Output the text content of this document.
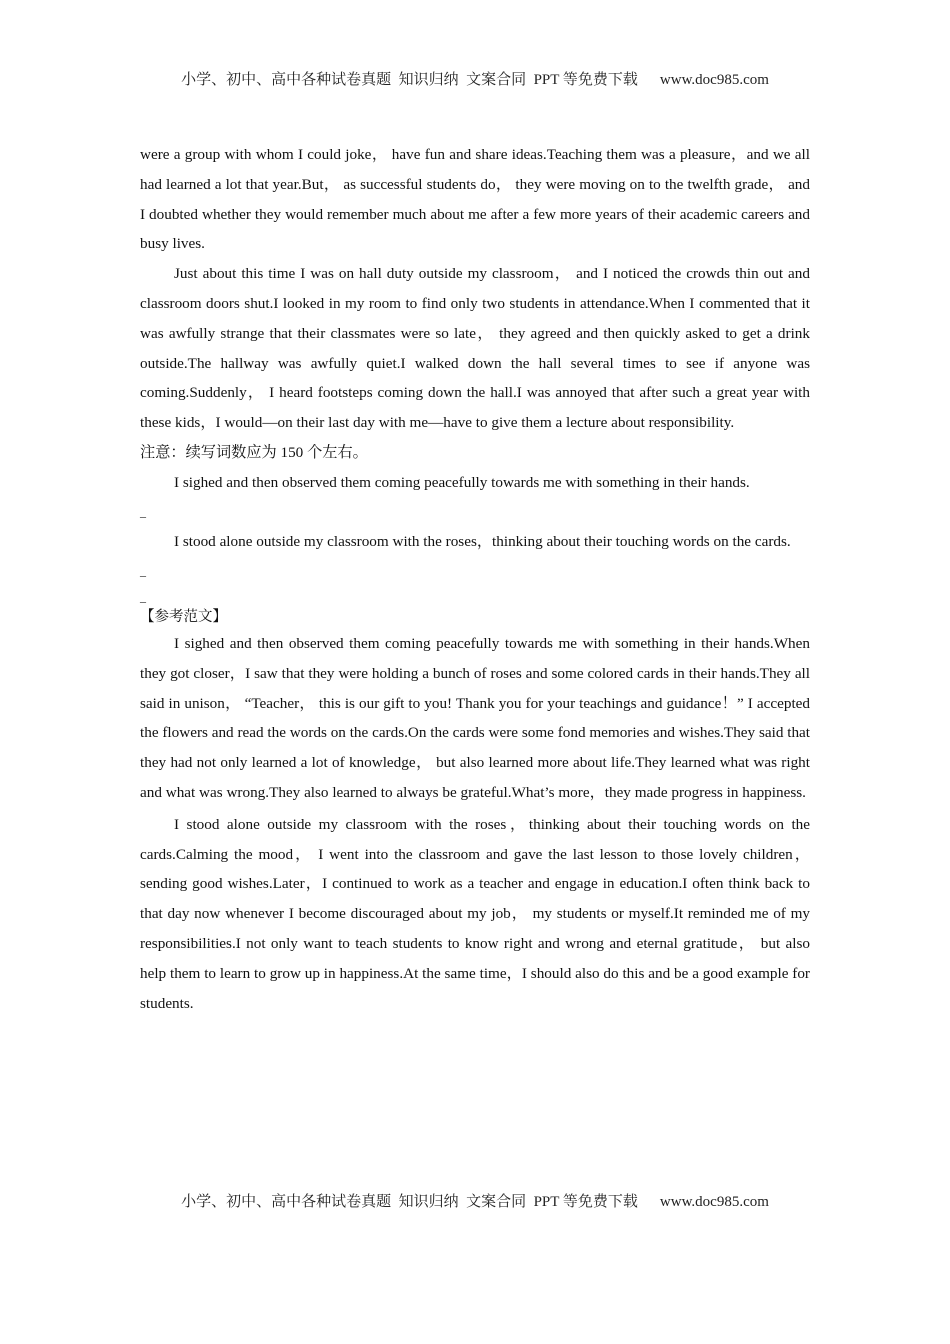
小学、初中、高中各种试卷真题  知识归纳  文案合同  PPT 等免费下载 www.doc985.com

were a group with whom I could joke， have fun and share ideas.Teaching them was a pleasure，and we all had learned a lot that year.But， as successful students do， they were moving on to the twelfth grade， and I doubted whether they would remember much about me after a few more years of their academic careers and busy lives.

Just about this time I was on hall duty outside my classroom， and I noticed the crowds thin out and classroom doors shut.I looked in my room to find only two students in attendance.When I commented that it was awfully strange that their classmates were so late， they agreed and then quickly asked to get a drink outside.The hallway was awfully quiet.I walked down the hall several times to see if anyone was coming.Suddenly， I heard footsteps coming down the hall.I was annoyed that after such a great year with these kids，I would—on their last day with me—have to give them a lecture about responsibility.

注意：续写词数应为 150 个左右。

I sighed and then observed them coming peacefully towards me with something in their hands.

_

I stood alone outside my classroom with the roses，thinking about their touching words on the cards.

_

_

【参考范文】

I sighed and then observed them coming peacefully towards me with something in their hands.When they got closer，I saw that they were holding a bunch of roses and some colored cards in their hands.They all said in unison， “Teacher， this is our gift to you! Thank you for your teachings and guidance！” I accepted the flowers and read the words on the cards.On the cards were some fond memories and wishes.They said that they had not only learned a lot of knowledge， but also learned more about life.They learned what was right and what was wrong.They also learned to always be grateful.What’s more，they made progress in happiness.

I stood alone outside my classroom with the roses，thinking about their touching words on the cards.Calming the mood， I went into the classroom and gave the last lesson to those lovely children，sending good wishes.Later，I continued to work as a teacher and engage in education.I often think back to that day now whenever I become discouraged about my job， my students or myself.It reminded me of my responsibilities.I not only want to teach students to know right and wrong and eternal gratitude， but also help them to learn to grow up in happiness.At the same time，I should also do this and be a good example for students.

小学、初中、高中各种试卷真题  知识归纳  文案合同  PPT 等免费下载 www.doc985.com
